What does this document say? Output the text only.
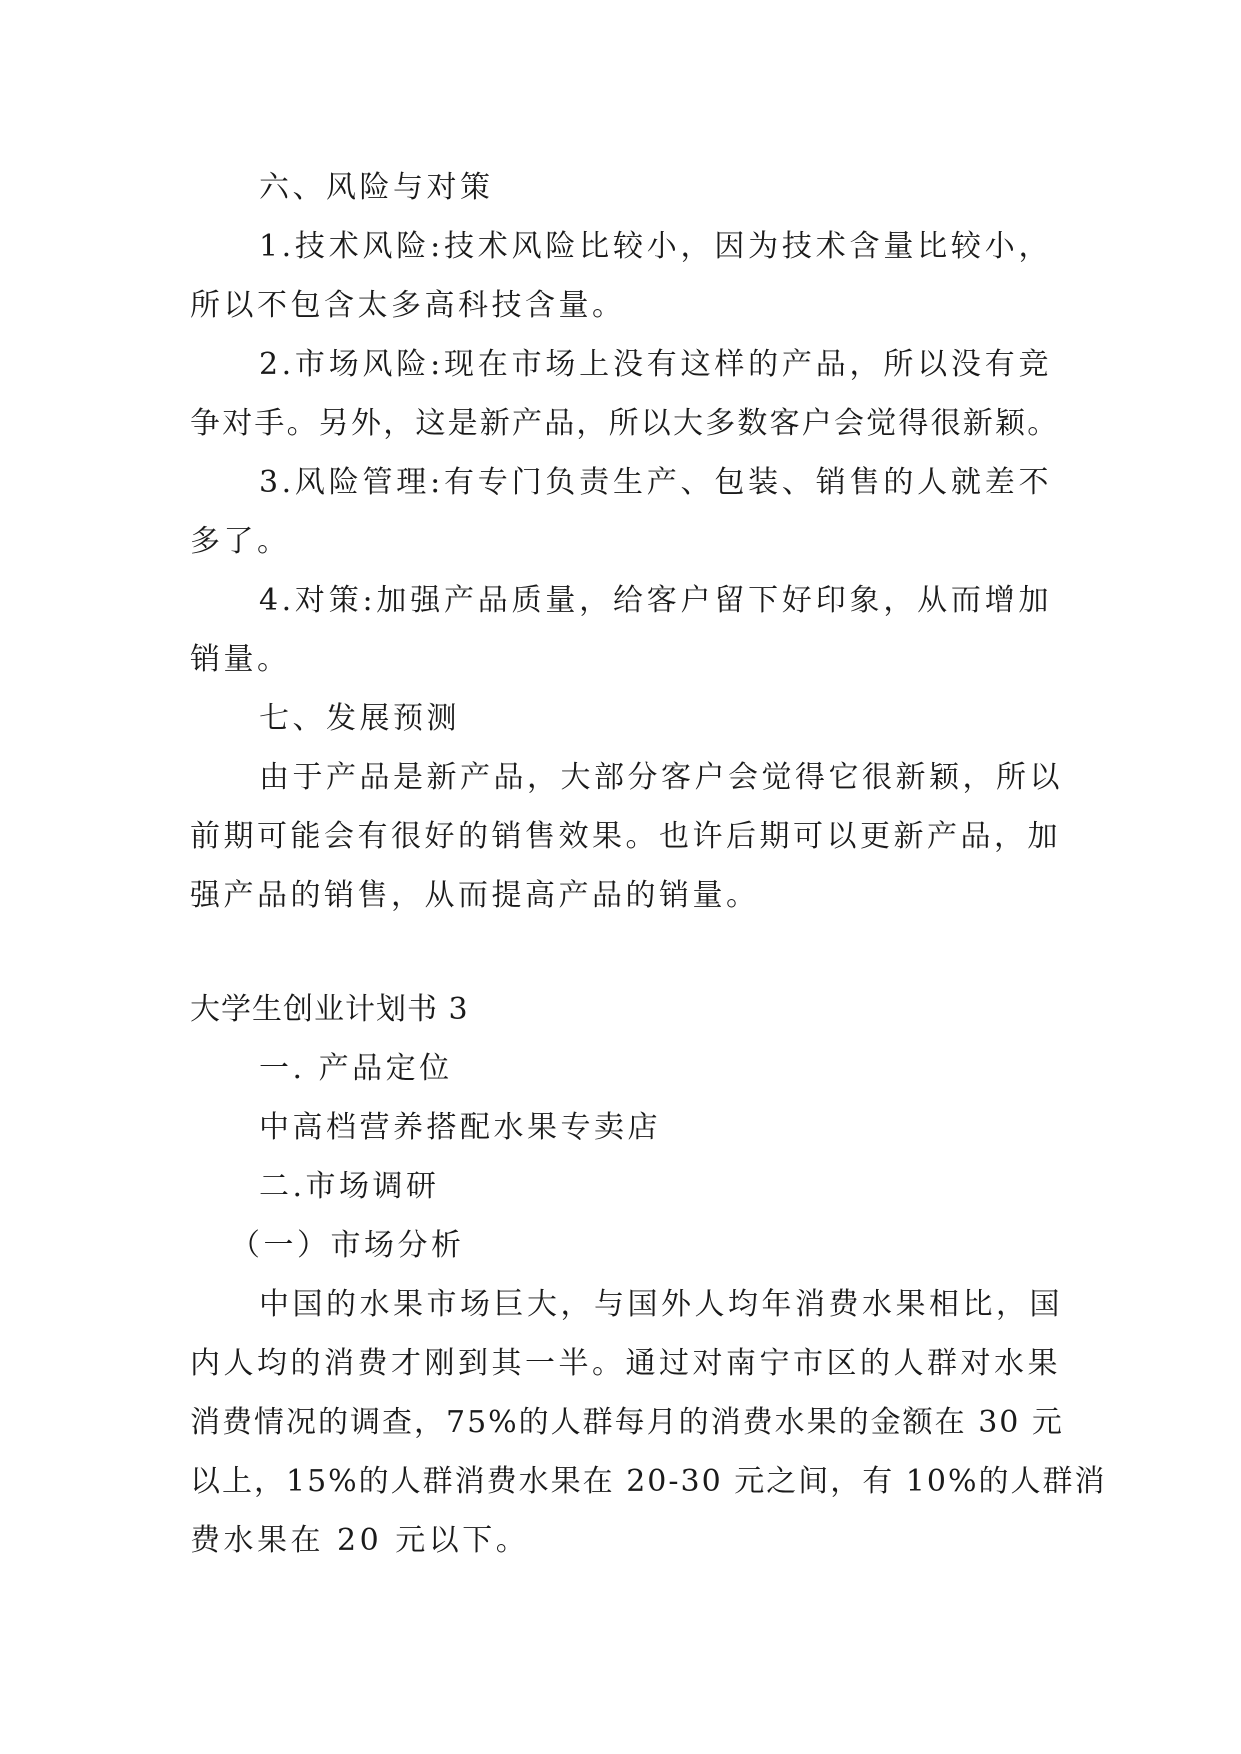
六、风险与对策
1.技术风险:技术风险比较小，因为技术含量比较小，
所以不包含太多高科技含量。
2.市场风险:现在市场上没有这样的产品，所以没有竞
争对手。另外，这是新产品，所以大多数客户会觉得很新颖。
3.风险管理:有专门负责生产、包装、销售的人就差不
多了。
4.对策:加强产品质量，给客户留下好印象，从而增加
销量。
七、发展预测
由于产品是新产品，大部分客户会觉得它很新颖，所以
前期可能会有很好的销售效果。也许后期可以更新产品，加
强产品的销售，从而提高产品的销量。
大学生创业计划书 3
一. 产品定位
中高档营养搭配水果专卖店
二.市场调研
（一）市场分析
中国的水果市场巨大，与国外人均年消费水果相比，国
内人均的消费才刚到其一半。通过对南宁市区的人群对水果
消费情况的调查，75%的人群每月的消费水果的金额在 30 元
以上，15%的人群消费水果在 20-30 元之间，有 10%的人群消
费水果在 20 元以下。
